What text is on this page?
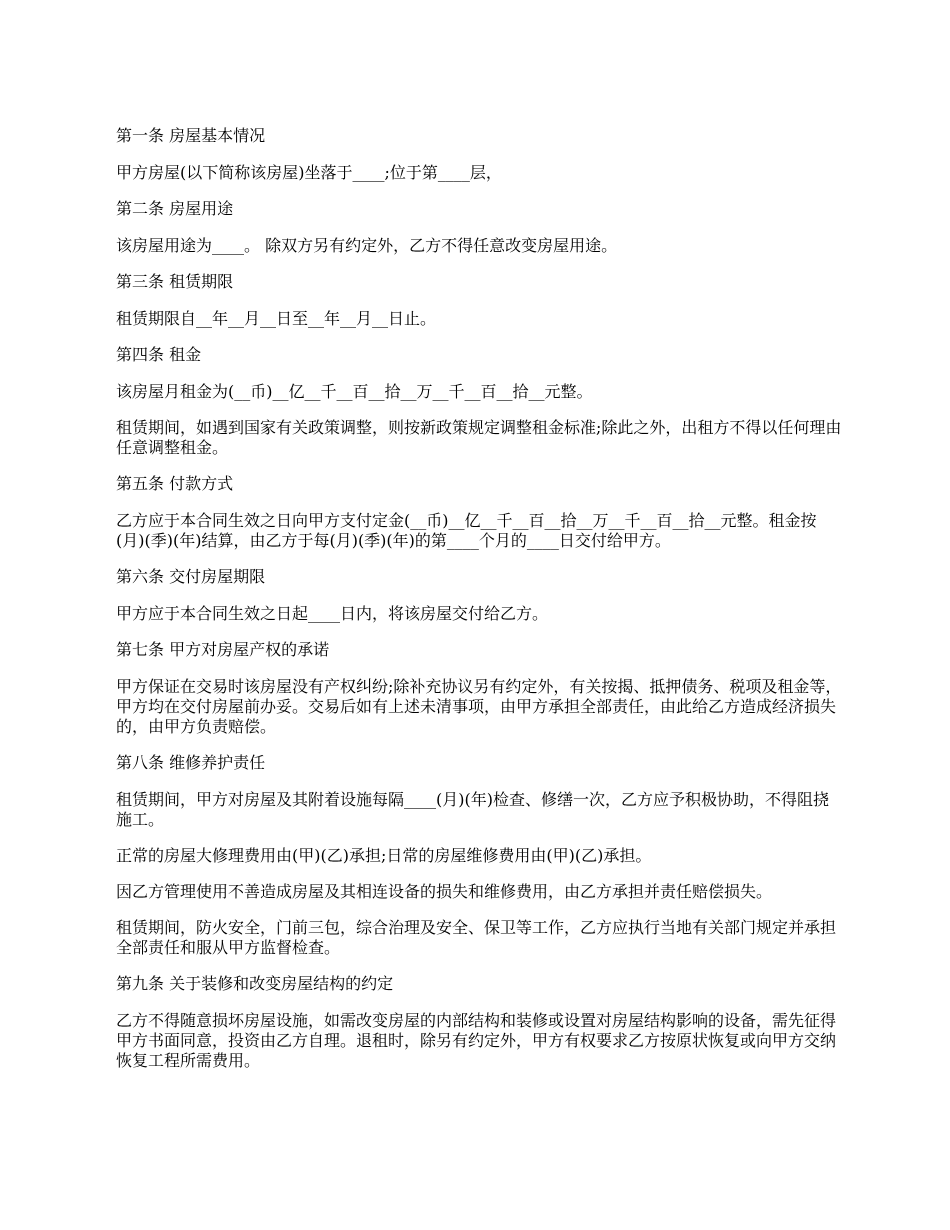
第一条 房屋基本情况

甲方房屋(以下简称该房屋)坐落于____;位于第____层，

第二条 房屋用途

该房屋用途为____。 除双方另有约定外，乙方不得任意改变房屋用途。

第三条 租赁期限

租赁期限自__年__月__日至__年__月__日止。

第四条 租金

该房屋月租金为(__币)__亿__千__百__拾__万__千__百__拾__元整。

租赁期间，如遇到国家有关政策调整，则按新政策规定调整租金标准;除此之外，出租方不得以任何理由任意调整租金。

第五条 付款方式

乙方应于本合同生效之日向甲方支付定金(__币)__亿__千__百__拾__万__千__百__拾__元整。租金按(月)(季)(年)结算，由乙方于每(月)(季)(年)的第____个月的____日交付给甲方。

第六条 交付房屋期限

甲方应于本合同生效之日起____日内，将该房屋交付给乙方。

第七条 甲方对房屋产权的承诺

甲方保证在交易时该房屋没有产权纠纷;除补充协议另有约定外，有关按揭、抵押债务、税项及租金等，甲方均在交付房屋前办妥。交易后如有上述未清事项，由甲方承担全部责任，由此给乙方造成经济损失的，由甲方负责赔偿。

第八条 维修养护责任

租赁期间，甲方对房屋及其附着设施每隔____(月)(年)检查、修缮一次，乙方应予积极协助，不得阻挠施工。

正常的房屋大修理费用由(甲)(乙)承担;日常的房屋维修费用由(甲)(乙)承担。

因乙方管理使用不善造成房屋及其相连设备的损失和维修费用，由乙方承担并责任赔偿损失。

租赁期间，防火安全，门前三包，综合治理及安全、保卫等工作，乙方应执行当地有关部门规定并承担全部责任和服从甲方监督检查。

第九条 关于装修和改变房屋结构的约定

乙方不得随意损坏房屋设施，如需改变房屋的内部结构和装修或设置对房屋结构影响的设备，需先征得甲方书面同意，投资由乙方自理。退租时，除另有约定外，甲方有权要求乙方按原状恢复或向甲方交纳恢复工程所需费用。
